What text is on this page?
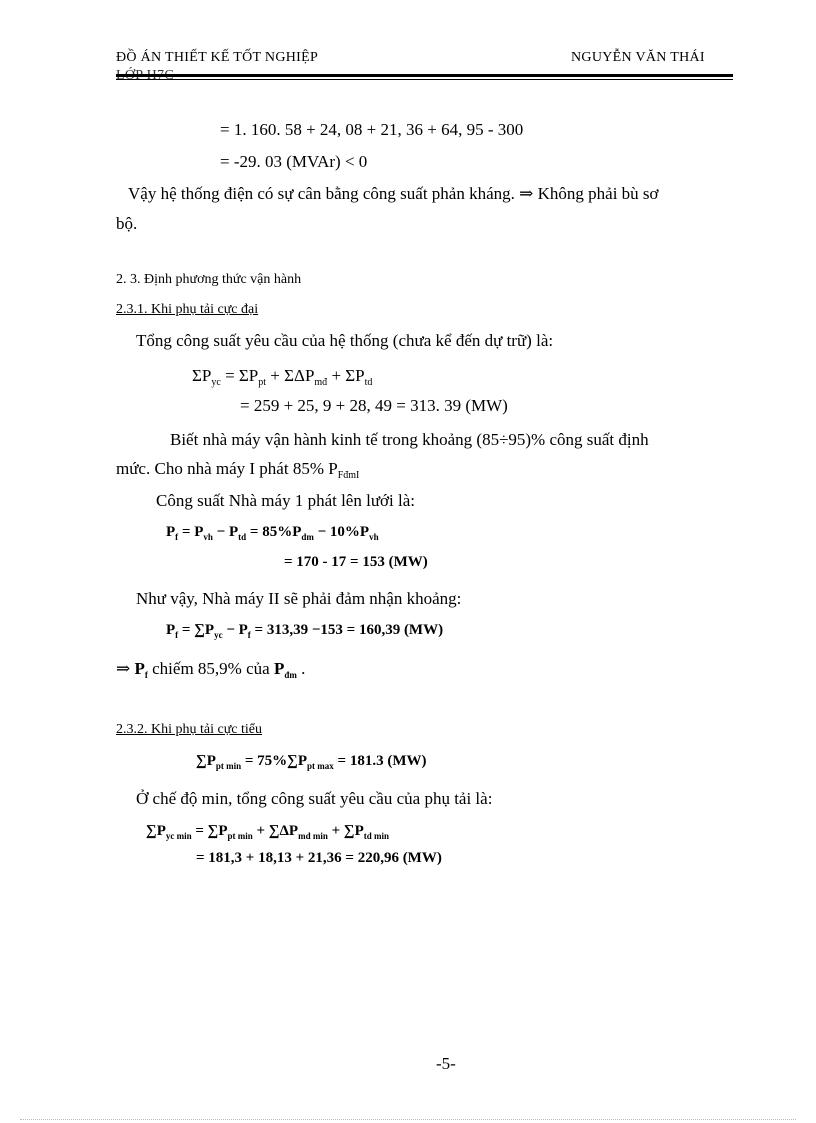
ĐỒ ÁN THIẾT KẾ TỐT NGHIỆP	NGUYỄN VĂN THÁI
= 1. 160. 58 + 24, 08 + 21, 36 + 64, 95 - 300
= -29. 03 (MVAr) < 0
Vậy hệ thống điện có sự cân bằng công suất phản kháng. ⇒ Không phải bù sơ
bộ.
2. 3. Định phương thức vận hành
2.3.1. Khi phụ tải cực đại
Tổng công suất yêu cầu của hệ thống (chưa kể đến dự trữ) là:
$\Sigma P_{yc} = \Sigma P_{pt} + \Sigma\Delta P_{mđ} + \Sigma P_{td}$
= 259 + 25, 9 + 28, 49 = 313. 39 (MW)
Biết nhà máy vận hành kinh tế trong khoảng (85÷95)% công suất định
mức. Cho nhà máy I phát 85% $P_{FđmI}$
Công suất Nhà máy 1 phát lên lưới là:
$P_f = P_{vh} - P_{td} = 85\%P_{dm} - 10\%P_{vh}$
= 170 - 17 = 153 (MW)
Như vậy, Nhà máy II sẽ phải đảm nhận khoảng:
$P_f = \sum P_{yc} - P_f = 313,39 -153 = 160,39$ (MW)
⇒ $P_f$ chiếm 85,9% của $P_{đm}$ .
2.3.2. Khi phụ tải cực tiểu
$\sum P_{pt min} = 75\%\sum P_{pt max} = 181.3$ (MW)
Ở chế độ min, tổng công suất yêu cầu của phụ tải là:
$\sum P_{yc min} = \sum P_{pt min} + \sum\Delta P_{md min} + \sum P_{td min}$
= 181,3 + 18,13 + 21,36 = 220,96 (MW)
-5-
